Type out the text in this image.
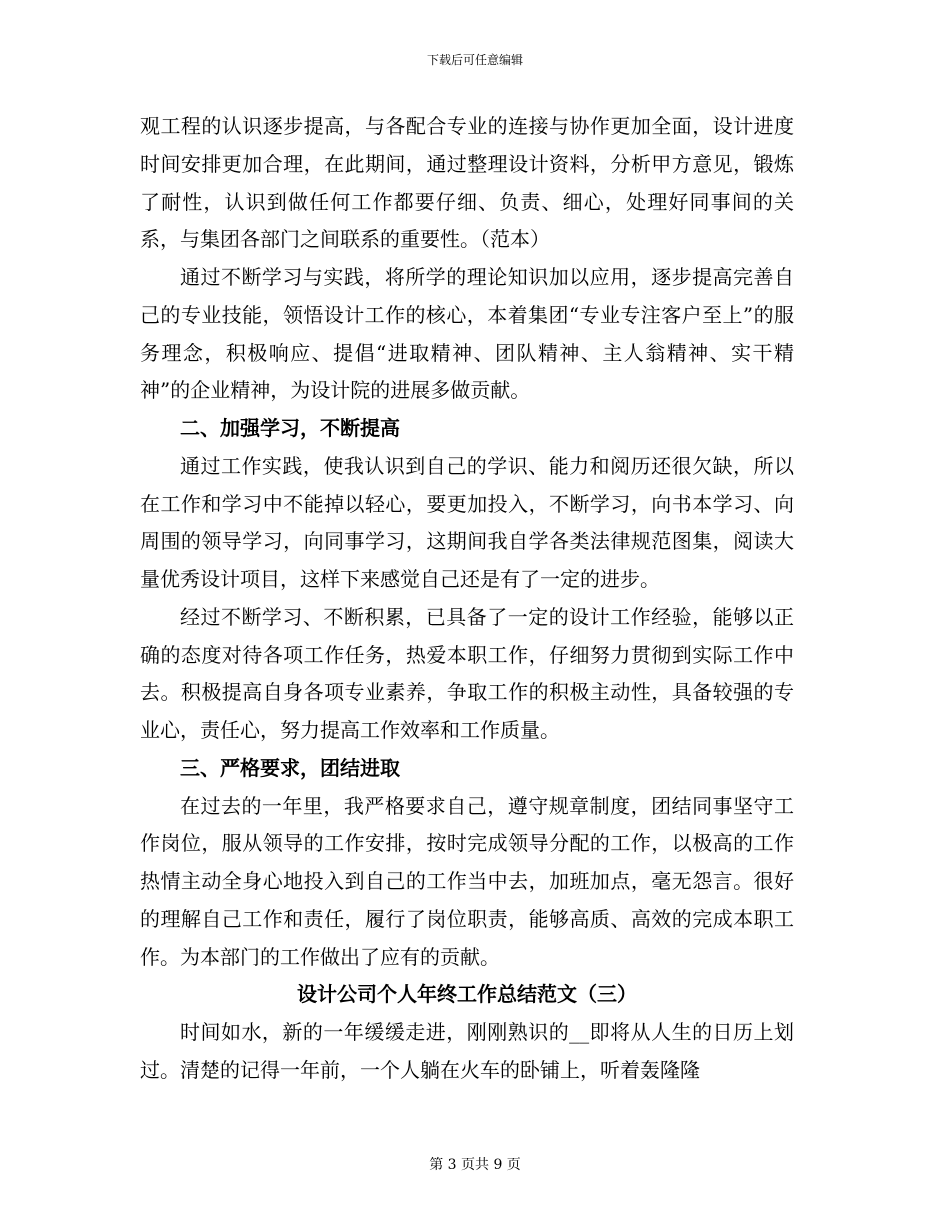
下载后可任意编辑

观工程的认识逐步提高，与各配合专业的连接与协作更加全面，设计进度时间安排更加合理，在此期间，通过整理设计资料，分析甲方意见，锻炼了耐性，认识到做任何工作都要仔细、负责、细心，处理好同事间的关系，与集团各部门之间联系的重要性。（范本）

通过不断学习与实践，将所学的理论知识加以应用，逐步提高完善自己的专业技能，领悟设计工作的核心，本着集团“专业专注客户至上”的服务理念，积极响应、提倡“进取精神、团队精神、主人翁精神、实干精神”的企业精神，为设计院的进展多做贡献。

二、加强学习，不断提高

通过工作实践，使我认识到自己的学识、能力和阅历还很欠缺，所以在工作和学习中不能掉以轻心，要更加投入，不断学习，向书本学习、向周围的领导学习，向同事学习，这期间我自学各类法律规范图集，阅读大量优秀设计项目，这样下来感觉自己还是有了一定的进步。

经过不断学习、不断积累，已具备了一定的设计工作经验，能够以正确的态度对待各项工作任务，热爱本职工作，仔细努力贯彻到实际工作中去。积极提高自身各项专业素养，争取工作的积极主动性，具备较强的专业心，责任心，努力提高工作效率和工作质量。

三、严格要求，团结进取

在过去的一年里，我严格要求自己，遵守规章制度，团结同事坚守工作岗位，服从领导的工作安排，按时完成领导分配的工作，以极高的工作热情主动全身心地投入到自己的工作当中去，加班加点，毫无怨言。很好的理解自己工作和责任，履行了岗位职责，能够高质、高效的完成本职工作。为本部门的工作做出了应有的贡献。

设计公司个人年终工作总结范文（三）

时间如水，新的一年缓缓走进，刚刚熟识的__即将从人生的日历上划过。清楚的记得一年前，一个人躺在火车的卧铺上，听着轰隆隆

第 3 页共 9 页
